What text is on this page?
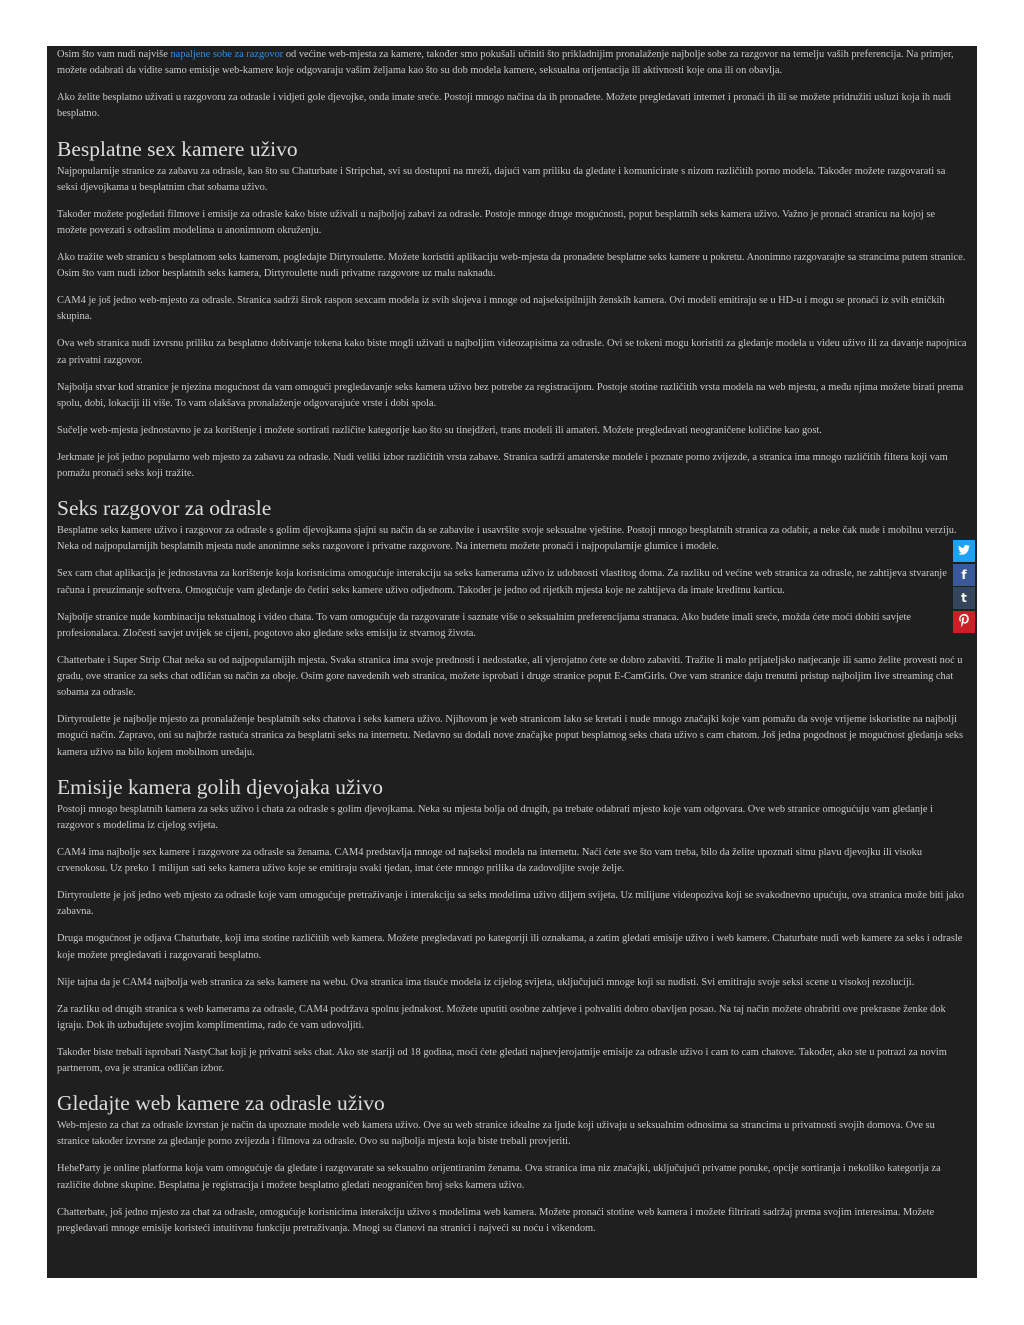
Osim što vam nudi najviše napaljene sobe za razgovor od većine web-mjesta za kamere, također smo pokušali učiniti što prikladnijim pronalaženje najbolje sobe za razgovor na temelju vaših preferencija. Na primjer, možete odabrati da vidite samo emisije web-kamere koje odgovaraju vašim željama kao što su dob modela kamere, seksualna orijentacija ili aktivnosti koje ona ili on obavlja.

Ako želite besplatno uživati u razgovoru za odrasle i vidjeti gole djevojke, onda imate sreće. Postoji mnogo načina da ih pronađete. Možete pregledavati internet i pronaći ih ili se možete pridružiti usluzi koja ih nudi besplatno.

Besplatne sex kamere uživo

Najpopularnije stranice za zabavu za odrasle, kao što su Chaturbate i Stripchat, svi su dostupni na mreži, dajući vam priliku da gledate i komunicirate s nizom različitih porno modela. Također možete razgovarati sa seksi djevojkama u besplatnim chat sobama uživo.

Također možete pogledati filmove i emisije za odrasle kako biste uživali u najboljoj zabavi za odrasle. Postoje mnoge druge mogućnosti, poput besplatnih seks kamera uživo. Važno je pronaći stranicu na kojoj se možete povezati s odraslim modelima u anonimnom okruženju.

Ako tražite web stranicu s besplatnom seks kamerom, pogledajte Dirtyroulette. Možete koristiti aplikaciju web-mjesta da pronađete besplatne seks kamere u pokretu. Anonimno razgovarajte sa strancima putem stranice. Osim što vam nudi izbor besplatnih seks kamera, Dirtyroulette nudi privatne razgovore uz malu naknadu.

CAM4 je još jedno web-mjesto za odrasle. Stranica sadrži širok raspon sexcam modela iz svih slojeva i mnoge od najseksipilnijih ženskih kamera. Ovi modeli emitiraju se u HD-u i mogu se pronaći iz svih etničkih skupina.

Ova web stranica nudi izvrsnu priliku za besplatno dobivanje tokena kako biste mogli uživati u najboljim videozapisima za odrasle. Ovi se tokeni mogu koristiti za gledanje modela u videu uživo ili za davanje napojnica za privatni razgovor.

Najbolja stvar kod stranice je njezina mogućnost da vam omogući pregledavanje seks kamera uživo bez potrebe za registracijom. Postoje stotine različitih vrsta modela na web mjestu, a među njima možete birati prema spolu, dobi, lokaciji ili više. To vam olakšava pronalaženje odgovarajuće vrste i dobi spola.

Sučelje web-mjesta jednostavno je za korištenje i možete sortirati različite kategorije kao što su tinejdžeri, trans modeli ili amateri. Možete pregledavati neograničene količine kao gost.

Jerkmate je još jedno popularno web mjesto za zabavu za odrasle. Nudi veliki izbor različitih vrsta zabave. Stranica sadrži amaterske modele i poznate porno zvijezde, a stranica ima mnogo različitih filtera koji vam pomažu pronaći seks koji tražite.

Seks razgovor za odrasle

Besplatne seks kamere uživo i razgovor za odrasle s golim djevojkama sjajni su način da se zabavite i usavršite svoje seksualne vještine. Postoji mnogo besplatnih stranica za odabir, a neke čak nude i mobilnu verziju. Neka od najpopularnijih besplatnih mjesta nude anonimne seks razgovore i privatne razgovore. Na internetu možete pronaći i najpopularnije glumice i modele.

Sex cam chat aplikacija je jednostavna za korištenje koja korisnicima omogućuje interakciju sa seks kamerama uživo iz udobnosti vlastitog doma. Za razliku od većine web stranica za odrasle, ne zahtijeva stvaranje računa i preuzimanje softvera. Omogućuje vam gledanje do četiri seks kamere uživo odjednom. Također je jedno od rijetkih mjesta koje ne zahtijeva da imate kreditnu karticu.

Najbolje stranice nude kombinaciju tekstualnog i video chata. To vam omogućuje da razgovarate i saznate više o seksualnim preferencijama stranaca. Ako budete imali sreće, možda ćete moći dobiti savjete profesionalaca. Zločesti savjet uvijek se cijeni, pogotovo ako gledate seks emisiju iz stvarnog života.

Chatterbate i Super Strip Chat neka su od najpopularnijih mjesta. Svaka stranica ima svoje prednosti i nedostatke, ali vjerojatno ćete se dobro zabaviti. Tražite li malo prijateljsko natjecanje ili samo želite provesti noć u gradu, ove stranice za seks chat odličan su način za oboje. Osim gore navedenih web stranica, možete isprobati i druge stranice poput E-CamGirls. Ove vam stranice daju trenutni pristup najboljim live streaming chat sobama za odrasle.

Dirtyroulette je najbolje mjesto za pronalaženje besplatnih seks chatova i seks kamera uživo. Njihovom je web stranicom lako se kretati i nude mnogo značajki koje vam pomažu da svoje vrijeme iskoristite na najbolji mogući način. Zapravo, oni su najbrže rastuća stranica za besplatni seks na internetu. Nedavno su dodali nove značajke poput besplatnog seks chata uživo s cam chatom. Još jedna pogodnost je mogućnost gledanja seks kamera uživo na bilo kojem mobilnom uređaju.

Emisije kamera golih djevojaka uživo

Postoji mnogo besplatnih kamera za seks uživo i chata za odrasle s golim djevojkama. Neka su mjesta bolja od drugih, pa trebate odabrati mjesto koje vam odgovara. Ove web stranice omogućuju vam gledanje i razgovor s modelima iz cijelog svijeta.

CAM4 ima najbolje sex kamere i razgovore za odrasle sa ženama. CAM4 predstavlja mnoge od najseksi modela na internetu. Naći ćete sve što vam treba, bilo da želite upoznati sitnu plavu djevojku ili visoku crvenokosu. Uz preko 1 milijun sati seks kamera uživo koje se emitiraju svaki tjedan, imat ćete mnogo prilika da zadovoljite svoje želje.

Dirtyroulette je još jedno web mjesto za odrasle koje vam omogućuje pretraživanje i interakciju sa seks modelima uživo diljem svijeta. Uz milijune videopoziva koji se svakodnevno upućuju, ova stranica može biti jako zabavna.

Druga mogućnost je odjava Chaturbate, koji ima stotine različitih web kamera. Možete pregledavati po kategoriji ili oznakama, a zatim gledati emisije uživo i web kamere. Chaturbate nudi web kamere za seks i odrasle koje možete pregledavati i razgovarati besplatno.

Nije tajna da je CAM4 najbolja web stranica za seks kamere na webu. Ova stranica ima tisuće modela iz cijelog svijeta, uključujući mnoge koji su nudisti. Svi emitiraju svoje seksi scene u visokoj rezoluciji.

Za razliku od drugih stranica s web kamerama za odrasle, CAM4 podržava spolnu jednakost. Možete uputiti osobne zahtjeve i pohvaliti dobro obavljen posao. Na taj način možete ohrabriti ove prekrasne ženke dok igraju. Dok ih uzbuđujete svojim komplimentima, rado će vam udovoljiti.

Također biste trebali isprobati NastyChat koji je privatni seks chat. Ako ste stariji od 18 godina, moći ćete gledati najnevjerojatnije emisije za odrasle uživo i cam to cam chatove. Također, ako ste u potrazi za novim partnerom, ova je stranica odličan izbor.

Gledajte web kamere za odrasle uživo

Web-mjesto za chat za odrasle izvrstan je način da upoznate modele web kamera uživo. Ove su web stranice idealne za ljude koji uživaju u seksualnim odnosima sa strancima u privatnosti svojih domova. Ove su stranice također izvrsne za gledanje porno zvijezda i filmova za odrasle. Ovo su najbolja mjesta koja biste trebali provjeriti.

HeheParty je online platforma koja vam omogućuje da gledate i razgovarate sa seksualno orijentiranim ženama. Ova stranica ima niz značajki, uključujući privatne poruke, opcije sortiranja i nekoliko kategorija za različite dobne skupine. Besplatna je registracija i možete besplatno gledati neograničen broj seks kamera uživo.

Chatterbate, još jedno mjesto za chat za odrasle, omogućuje korisnicima interakciju uživo s modelima web kamera. Možete pronaći stotine web kamera i možete filtrirati sadržaj prema svojim interesima. Možete pregledavati mnoge emisije koristeći intuitivnu funkciju pretraživanja. Mnogi su članovi na stranici i najveći su noću i vikendom.

f
t
